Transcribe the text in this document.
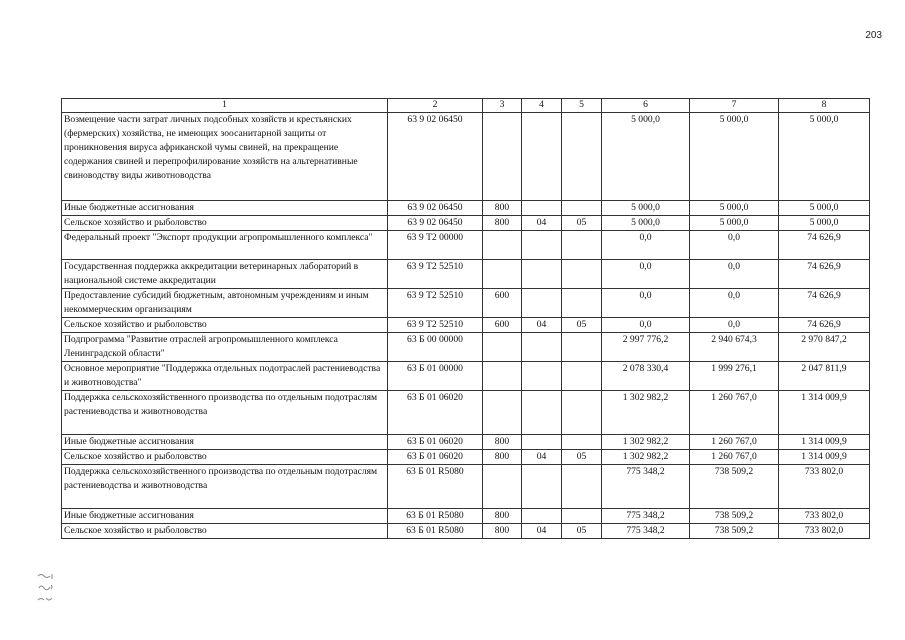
203
1	2	3	4	5	6	7	8
Возмещение части затрат личных подсобных хозяйств и крестьянских (фермерских) хозяйства, не имеющих зоосанитарной защиты от проникновения вируса африканской чумы свиней, на прекращение содержания свиней и перепрофилирование хозяйств на альтернативные свиноводству виды животноводства	63 9 02 06450				5 000,0	5 000,0	5 000,0
Иные бюджетные ассигнования	63 9 02 06450	800			5 000,0	5 000,0	5 000,0
Сельское хозяйство и рыболовство	63 9 02 06450	800	04	05	5 000,0	5 000,0	5 000,0
Федеральный проект "Экспорт продукции агропромышленного комплекса"	63 9 Т2 00000				0,0	0,0	74 626,9
Государственная поддержка аккредитации ветеринарных лабораторий в национальной системе аккредитации	63 9 Т2 52510				0,0	0,0	74 626,9
Предоставление субсидий бюджетным, автономным учреждениям и иным некоммерческим организациям	63 9 Т2 52510	600			0,0	0,0	74 626,9
Сельское хозяйство и рыболовство	63 9 Т2 52510	600	04	05	0,0	0,0	74 626,9
Подпрограмма "Развитие отраслей агропромышленного комплекса Ленинградской области"	63 Б 00 00000				2 997 776,2	2 940 674,3	2 970 847,2
Основное мероприятие "Поддержка отдельных подотраслей растениеводства и животноводства"	63 Б 01 00000				2 078 330,4	1 999 276,1	2 047 811,9
Поддержка сельскохозяйственного производства по отдельным подотраслям растениеводства и животноводства	63 Б 01 06020				1 302 982,2	1 260 767,0	1 314 009,9
Иные бюджетные ассигнования	63 Б 01 06020	800			1 302 982,2	1 260 767,0	1 314 009,9
Сельское хозяйство и рыболовство	63 Б 01 06020	800	04	05	1 302 982,2	1 260 767,0	1 314 009,9
Поддержка сельскохозяйственного производства по отдельным подотраслям растениеводства и животноводства	63 Б 01 R5080				775 348,2	738 509,2	733 802,0
Иные бюджетные ассигнования	63 Б 01 R5080	800			775 348,2	738 509,2	733 802,0
Сельское хозяйство и рыболовство	63 Б 01 R5080	800	04	05	775 348,2	738 509,2	733 802,0
